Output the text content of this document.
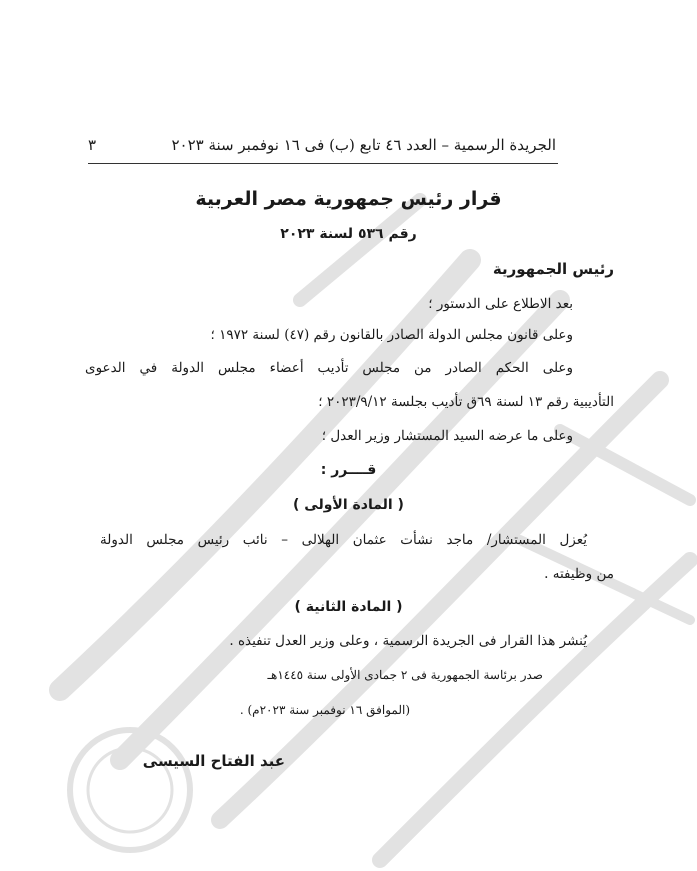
٣	الجريدة الرسمية – العدد ٤٦ تابع (ب) فى ١٦ نوفمبر سنة ٢٠٢٣
قرار رئيس جمهورية مصر العربية
رقم ٥٣٦ لسنة ٢٠٢٣
رئيس الجمهورية
بعد الاطلاع على الدستور ؛
وعلى قانون مجلس الدولة الصادر بالقانون رقم (٤٧) لسنة ١٩٧٢ ؛
وعلى الحكم الصادر من مجلس تأديب أعضاء مجلس الدولة في الدعوى
التأديبية رقم ١٣ لسنة ٦٩ق تأديب بجلسة ٢٠٢٣/٩/١٢ ؛
وعلى ما عرضه السيد المستشار وزير العدل ؛
قــــرر :
( المادة الأولى )
يُعزل المستشار/ ماجد نشأت عثمان الهلالى – نائب رئيس مجلس الدولة
من وظيفته .
( المادة الثانية )
يُنشر هذا القرار فى الجريدة الرسمية ، وعلى وزير العدل تنفيذه .
صدر برئاسة الجمهورية فى ٢ جمادى الأولى سنة ١٤٤٥هـ
(الموافق ١٦ نوفمبر سنة ٢٠٢٣م) .
عبد الفتاح السيسى
